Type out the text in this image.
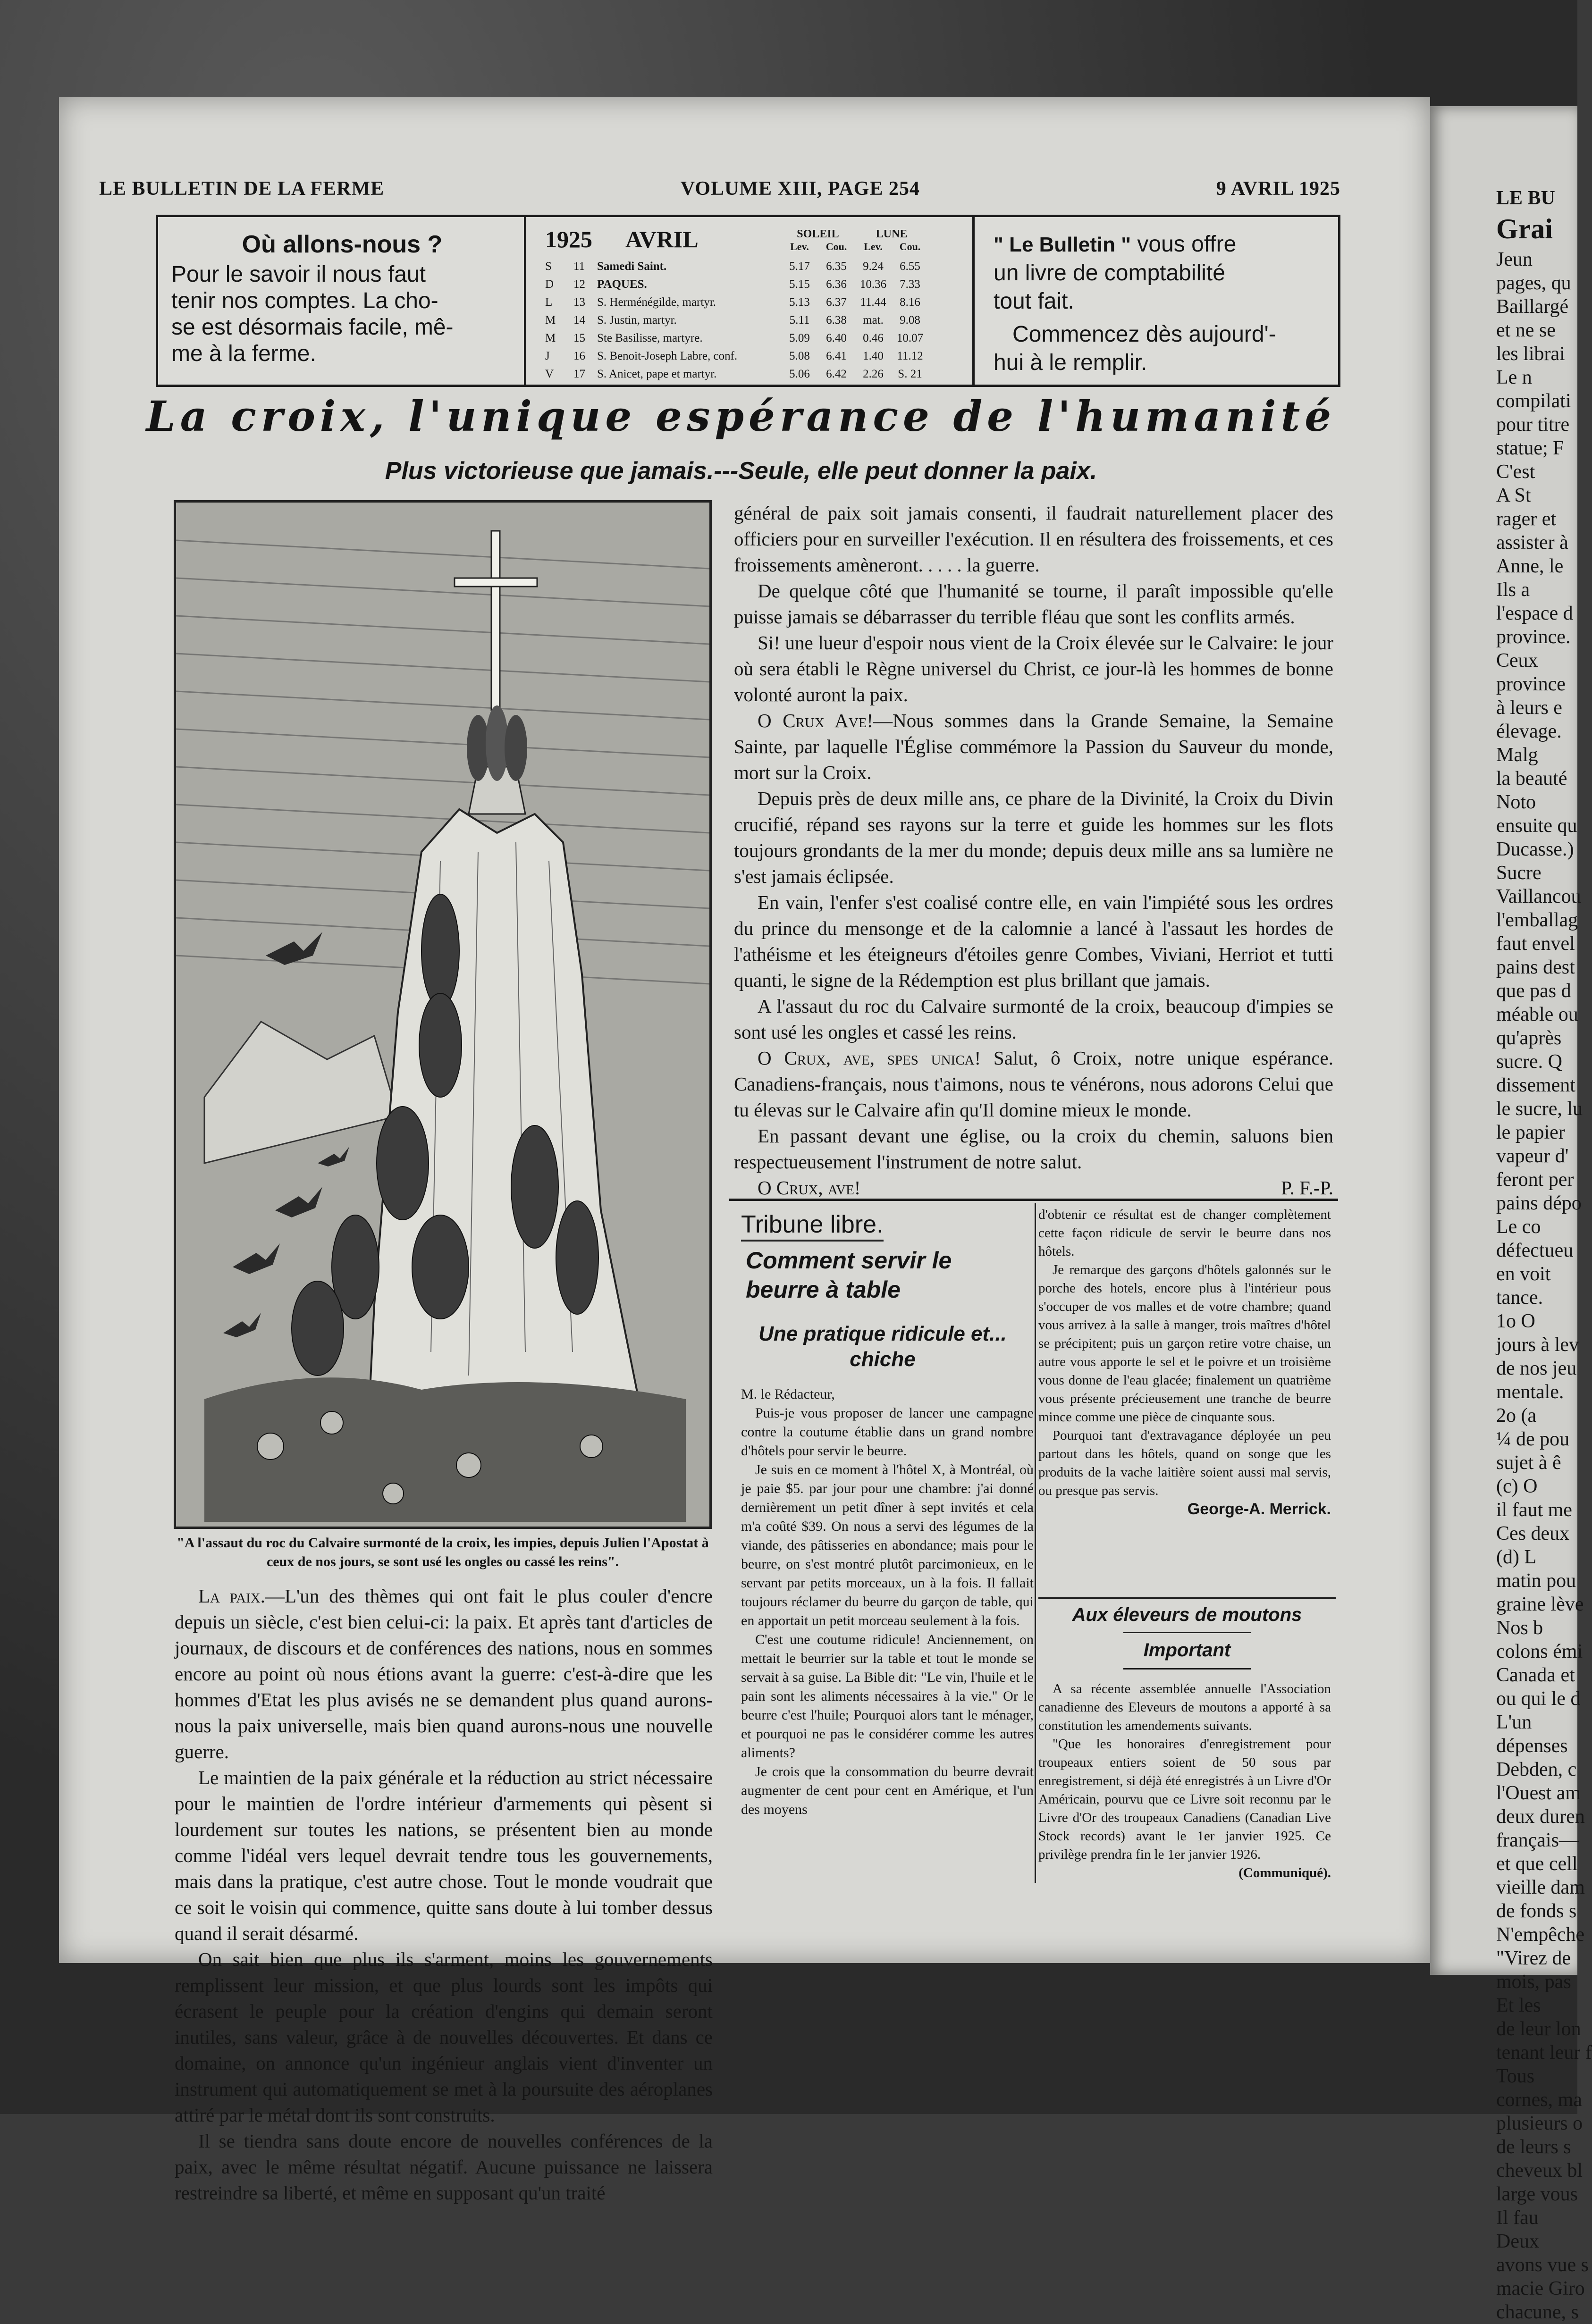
LE BU
Grai
Jeun
pages, qu
Baillargé
et ne se
les librai
Le n
compilati
pour titre
statue; F
C'est
A St
rager et
assister à
Anne, le
Ils a
l'espace d
province.
Ceux
province
à leurs e
élevage.
Malg
la beauté
Noto
ensuite qu
Ducasse.)
Sucre
Vaillancou
l'emballag
faut envel
pains dest
que pas d
méable ou
qu'après
sucre. Q
dissement
le sucre, lu
le papier
vapeur d'
feront per
pains dépo
Le co
défectueu
en voit
tance.
1o O
jours à lev
de nos jeu
mentale.
2o (a
¼ de pou
sujet à ê
(c) O
il faut me
Ces deux
(d) L
matin pou
graine lève
Nos b
colons émi
Canada et
ou qui le d
L'un
dépenses
Debden, c
l'Ouest am
deux duren
français—
et que cell
vieille dam
de fonds s
N'empêche
"Virez de
mois, pas
Et les
de leur lon
tenant leur f
Tous
cornes, ma
plusieurs o
de leurs s
cheveux bl
large vous
Il fau
Deux
avons vue s
macie Giro
chacune, s
LE BULLETIN DE LA FERME	VOLUME XIII, PAGE 254	9 AVRIL 1925
Où allons-nous ?

Pour le savoir il nous faut

tenir nos comptes. La cho-

se est désormais facile, mê-

me à la ferme.

1925	AVRIL	SOLEIL
Lev.	Cou.
LUNE
Lev.	Cou.
S	11	Samedi Saint.	5.17	6.35	9.24	6.55
D	12	PAQUES.	5.15	6.36	10.36	7.33
L	13	S. Herménégilde, martyr.	5.13	6.37	11.44	8.16
M	14	S. Justin, martyr.	5.11	6.38	mat.	9.08
M	15	Ste Basilisse, martyre.	5.09	6.40	0.46	10.07
J	16	S. Benoit-Joseph Labre, conf.	5.08	6.41	1.40	11.12
V	17	S. Anicet, pape et martyr.	5.06	6.42	2.26	S. 21

" Le Bulletin " vous offre

un livre de comptabilité

tout fait.

Commencez dès aujourd'-

hui à le remplir.

La croix, l'unique espérance de l'humanité
Plus victorieuse que jamais.---Seule, elle peut donner la paix.
"A l'assaut du roc du Calvaire surmonté de la croix, les impies, depuis Julien l'Apostat à ceux de nos jours, se sont usé les ongles ou cassé les reins".

général de paix soit jamais consenti, il faudrait naturellement placer des officiers pour en surveiller l'exécution. Il en résultera des froissements, et ces froissements amèneront. . . . . la guerre.

De quelque côté que l'humanité se tourne, il paraît impossible qu'elle puisse jamais se débarrasser du terrible fléau que sont les conflits armés.

Si! une lueur d'espoir nous vient de la Croix élevée sur le Calvaire: le jour où sera établi le Règne universel du Christ, ce jour-là les hommes de bonne volonté auront la paix.

O Crux Ave!—Nous sommes dans la Grande Semaine, la Semaine Sainte, par laquelle l'Église commémore la Passion du Sauveur du monde, mort sur la Croix.

Depuis près de deux mille ans, ce phare de la Divinité, la Croix du Divin crucifié, répand ses rayons sur la terre et guide les hommes sur les flots toujours grondants de la mer du monde; depuis deux mille ans sa lumière ne s'est jamais éclipsée.

En vain, l'enfer s'est coalisé contre elle, en vain l'impiété sous les ordres du prince du mensonge et de la calomnie a lancé à l'assaut les hordes de l'athéisme et les éteigneurs d'étoiles genre Combes, Viviani, Herriot et tutti quanti, le signe de la Rédemption est plus brillant que jamais.

A l'assaut du roc du Calvaire surmonté de la croix, beaucoup d'impies se sont usé les ongles et cassé les reins.

O Crux, ave, spes unica! Salut, ô Croix, notre unique espérance. Canadiens-français, nous t'aimons, nous te vénérons, nous adorons Celui que tu élevas sur le Calvaire afin qu'Il domine mieux le monde.

En passant devant une église, ou la croix du chemin, saluons bien respectueusement l'instrument de notre salut.

O Crux, ave!	P. F.-P.

La paix.—L'un des thèmes qui ont fait le plus couler d'encre depuis un siècle, c'est bien celui-ci: la paix. Et après tant d'articles de journaux, de discours et de conférences des nations, nous en sommes encore au point où nous étions avant la guerre: c'est-à-dire que les hommes d'Etat les plus avisés ne se demandent plus quand aurons-nous la paix universelle, mais bien quand aurons-nous une nouvelle guerre.

Le maintien de la paix générale et la réduction au strict nécessaire pour le maintien de l'ordre intérieur d'armements qui pèsent si lourdement sur toutes les nations, se présentent bien au monde comme l'idéal vers lequel devrait tendre tous les gouvernements, mais dans la pratique, c'est autre chose. Tout le monde voudrait que ce soit le voisin qui commence, quitte sans doute à lui tomber dessus quand il serait désarmé.

On sait bien que plus ils s'arment, moins les gouvernements remplissent leur mission, et que plus lourds sont les impôts qui écrasent le peuple pour la création d'engins qui demain seront inutiles, sans valeur, grâce à de nouvelles découvertes. Et dans ce domaine, on annonce qu'un ingénieur anglais vient d'inventer un instrument qui automatiquement se met à la poursuite des aéroplanes attiré par le métal dont ils sont construits.

Il se tiendra sans doute encore de nouvelles conférences de la paix, avec le même résultat négatif. Aucune puissance ne laissera restreindre sa liberté, et même en supposant qu'un traité

Tribune libre.
Comment servir le beurre à table
Une pratique ridicule et... chiche

M. le Rédacteur,

Puis-je vous proposer de lancer une campagne contre la coutume établie dans un grand nombre d'hôtels pour servir le beurre.

Je suis en ce moment à l'hôtel X, à Montréal, où je paie $5. par jour pour une chambre: j'ai donné dernièrement un petit dîner à sept invités et cela m'a coûté $39. On nous a servi des légumes de la viande, des pâtisseries en abondance; mais pour le beurre, on s'est montré plutôt parcimonieux, en le servant par petits morceaux, un à la fois. Il fallait toujours réclamer du beurre du garçon de table, qui en apportait un petit morceau seulement à la fois.

C'est une coutume ridicule! Anciennement, on mettait le beurrier sur la table et tout le monde se servait à sa guise. La Bible dit: "Le vin, l'huile et le pain sont les aliments nécessaires à la vie." Or le beurre c'est l'huile; Pourquoi alors tant le ménager, et pourquoi ne pas le considérer comme les autres aliments?

Je crois que la consommation du beurre devrait augmenter de cent pour cent en Amérique, et l'un des moyens

d'obtenir ce résultat est de changer complètement cette façon ridicule de servir le beurre dans nos hôtels.

Je remarque des garçons d'hôtels galonnés sur le porche des hotels, encore plus à l'intérieur pous s'occuper de vos malles et de votre chambre; quand vous arrivez à la salle à manger, trois maîtres d'hôtel se précipitent; puis un garçon retire votre chaise, un autre vous apporte le sel et le poivre et un troisième vous donne de l'eau glacée; finalement un quatrième vous présente précieusement une tranche de beurre mince comme une pièce de cinquante sous.

Pourquoi tant d'extravagance déployée un peu partout dans les hôtels, quand on songe que les produits de la vache laitière soient aussi mal servis, ou presque pas servis.

George-A. Merrick.

Aux éleveurs de moutons
Important

A sa récente assemblée annuelle l'Association canadienne des Eleveurs de moutons a apporté à sa constitution les amendements suivants.

"Que les honoraires d'enregistrement pour troupeaux entiers soient de 50 sous par enregistrement, si déjà été enregistrés à un Livre d'Or Américain, pourvu que ce Livre soit reconnu par le Livre d'Or des troupeaux Canadiens (Canadian Live Stock records) avant le 1er janvier 1925. Ce privilège prendra fin le 1er janvier 1926.

(Communiqué).
